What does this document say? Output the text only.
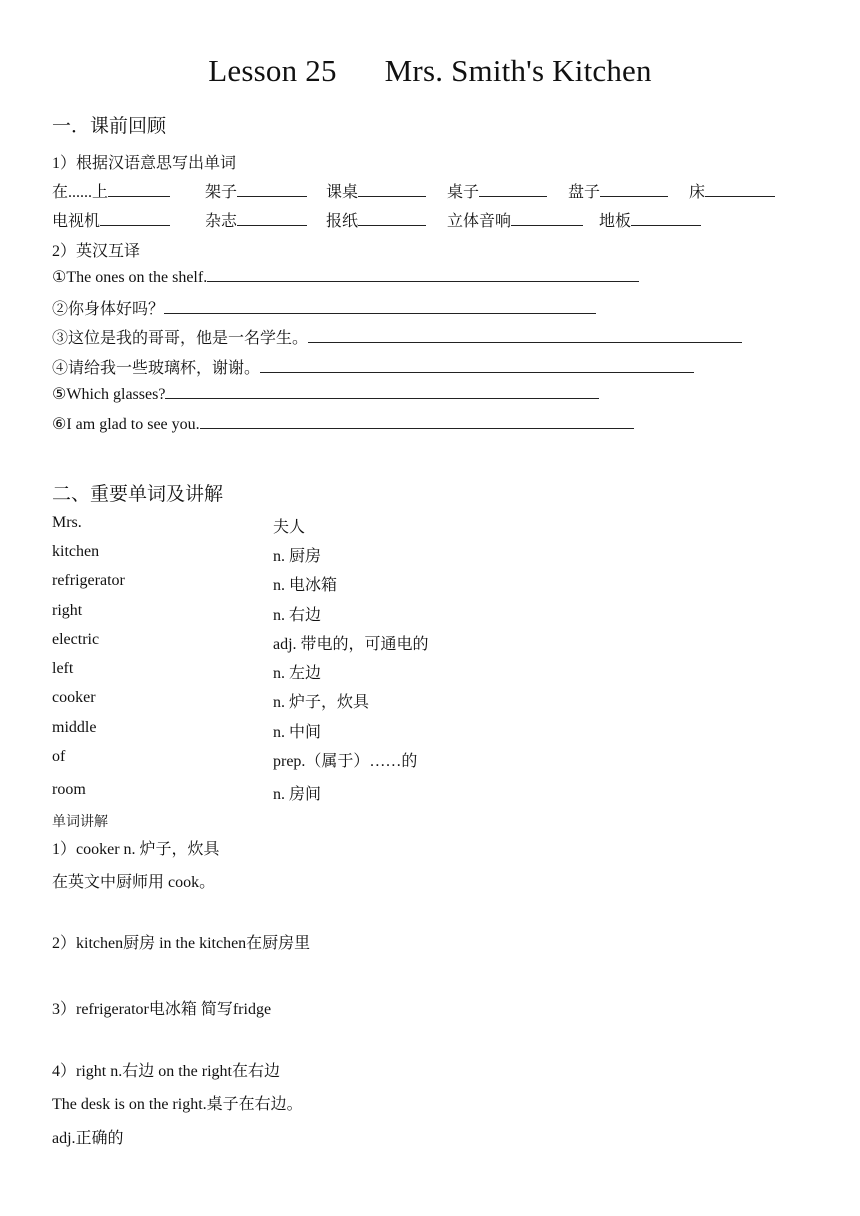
Lesson 25 Mrs. Smith's Kitchen
一．课前回顾
1）根据汉语意思写出单词
在......上	架子	课桌	桌子	盘子	床
电视机	杂志	报纸	立体音响	地板
2）英汉互译
①The ones on the shelf.
②你身体好吗？
③这位是我的哥哥，他是一名学生。
④请给我一些玻璃杯，谢谢。
⑤Which glasses?
⑥I am glad to see you.
二、重要单词及讲解
Mrs.	夫人
kitchen	n. 厨房
refrigerator	n. 电冰箱
right	n. 右边
electric	adj. 带电的，可通电的
left	n. 左边
cooker	n. 炉子，炊具
middle	n. 中间
of	prep.（属于）……的
room	n. 房间
单词讲解
1）cooker n. 炉子，炊具
在英文中厨师用 cook。
2）kitchen厨房 in the kitchen在厨房里
3）refrigerator电冰箱 简写fridge
4）right n.右边 on the right在右边
The desk is on the right.桌子在右边。
adj.正确的
